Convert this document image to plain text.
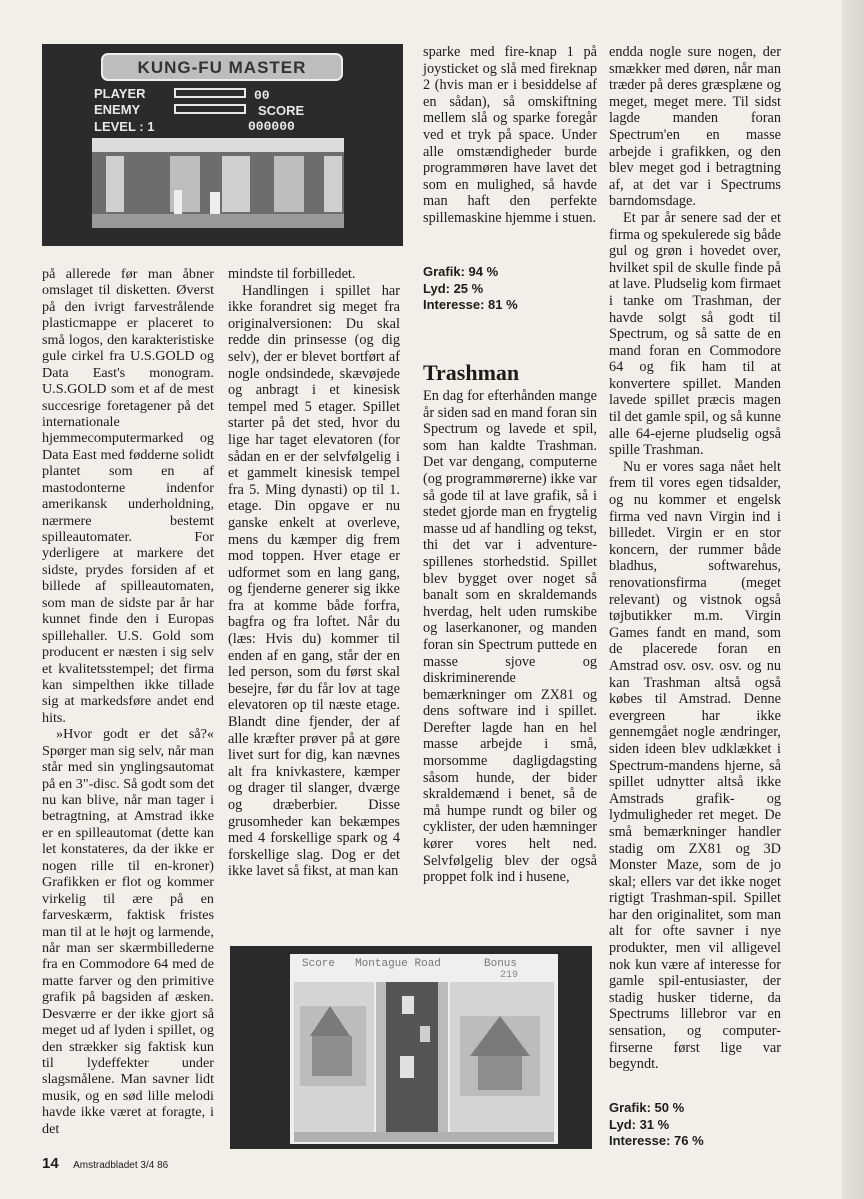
KUNG-FU MASTER
PLAYER	00
ENEMY	SCORE
LEVEL : 1	000000

på allerede før man åbner omslaget til disketten. Øverst på den ivrigt farvestrålende plasticmappe er placeret to små logos, den karakteristiske gule cirkel fra U.S.GOLD og Data East's monogram. U.S.GOLD som et af de mest succesrige foretagener på det internationale hjemmecomputermarked og Data East med fødderne solidt plantet som en af mastodonterne indenfor amerikansk underholdning, nærmere bestemt spilleautomater. For yderligere at markere det sidste, prydes forsiden af et billede af spilleautomaten, som man de sidste par år har kunnet finde den i Europas spillehaller. U.S. Gold som producent er næsten i sig selv et kvalitetsstempel; det firma kan simpelthen ikke tillade sig at markedsføre andet end hits.

»Hvor godt er det så?« Spørger man sig selv, når man står med sin ynglingsautomat på en 3"-disc. Så godt som det nu kan blive, når man tager i betragtning, at Amstrad ikke er en spilleautomat (dette kan let konstateres, da der ikke er nogen rille til en-kroner) Grafikken er flot og kommer virkelig til ære på en farveskærm, faktisk fristes man til at le højt og larmende, når man ser skærmbillederne fra en Commodore 64 med de matte farver og den primitive grafik på bagsiden af æsken. Desværre er der ikke gjort så meget ud af lyden i spillet, og den strækker sig faktisk kun til lydeffekter under slagsmålene. Man savner lidt musik, og en sød lille melodi havde ikke været at foragte, i det

mindste til forbilledet.

Handlingen i spillet har ikke forandret sig meget fra originalversionen: Du skal redde din prinsesse (og dig selv), der er blevet bortført af nogle ondsindede, skævøjede og anbragt i et kinesisk tempel med 5 etager. Spillet starter på det sted, hvor du lige har taget elevatoren (for sådan en er der selvfølgelig i et gammelt kinesisk tempel fra 5. Ming dynasti) op til 1. etage. Din opgave er nu ganske enkelt at overleve, mens du kæmper dig frem mod toppen. Hver etage er udformet som en lang gang, og fjenderne generer sig ikke fra at komme både forfra, bagfra og fra loftet. Når du (læs: Hvis du) kommer til enden af en gang, står der en led person, som du først skal besejre, før du får lov at tage elevatoren op til næste etage. Blandt dine fjender, der af alle kræfter prøver på at gøre livet surt for dig, kan nævnes alt fra knivkastere, kæmper og drager til slanger, dværge og dræberbier. Disse grusomheder kan bekæmpes med 4 forskellige spark og 4 forskellige slag. Dog er det ikke lavet så fikst, at man kan

sparke med fire-knap 1 på joysticket og slå med fireknap 2 (hvis man er i besiddelse af en sådan), så omskiftning mellem slå og sparke foregår ved et tryk på space. Under alle omstændigheder burde programmøren have lavet det som en mulighed, så havde man haft den perfekte spillemaskine hjemme i stuen.

Grafik: 94 %
Lyd: 25 %
Interesse: 81 %
Trashman

En dag for efterhånden mange år siden sad en mand foran sin Spectrum og lavede et spil, som han kaldte Trashman. Det var dengang, computerne (og programmørerne) ikke var så gode til at lave grafik, så i stedet gjorde man en frygtelig masse ud af handling og tekst, thi det var i adventure-spillenes storhedstid. Spillet blev bygget over noget så banalt som en skraldemands hverdag, helt uden rumskibe og laserkanoner, og manden foran sin Spectrum puttede en masse sjove og diskriminerende bemærkninger om ZX81 og dens software ind i spillet. Derefter lagde han en hel masse arbejde i små, morsomme dagligdagsting såsom hunde, der bider skraldemænd i benet, så de må humpe rundt og biler og cyklister, der uden hæmninger kører vores helt ned. Selvfølgelig blev der også proppet folk ind i husene,

Score Montague Road	Bonus
219

endda nogle sure nogen, der smækker med døren, når man træder på deres græsplæne og meget, meget mere. Til sidst lagde manden foran Spectrum'en en masse arbejde i grafikken, og den blev meget god i betragtning af, at det var i Spectrums barndomsdage.

Et par år senere sad der et firma og spekulerede sig både gul og grøn i hovedet over, hvilket spil de skulle finde på at lave. Pludselig kom firmaet i tanke om Trashman, der havde solgt så godt til Spectrum, og så satte de en mand foran en Commodore 64 og fik ham til at konvertere spillet. Manden lavede spillet præcis magen til det gamle spil, og så kunne alle 64-ejerne pludselig også spille Trashman.

Nu er vores saga nået helt frem til vores egen tidsalder, og nu kommer et engelsk firma ved navn Virgin ind i billedet. Virgin er en stor koncern, der rummer både bladhus, softwarehus, renovationsfirma (meget relevant) og vistnok også tøjbutikker m.m. Virgin Games fandt en mand, som de placerede foran en Amstrad osv. osv. osv. og nu kan Trashman altså også købes til Amstrad. Denne evergreen har ikke gennemgået nogle ændringer, siden ideen blev udklækket i Spectrum-mandens hjerne, så spillet udnytter altså ikke Amstrads grafik- og lydmuligheder ret meget. De små bemærkninger handler stadig om ZX81 og 3D Monster Maze, som de jo skal; ellers var det ikke noget rigtigt Trashman-spil. Spillet har den originalitet, som man alt for ofte savner i nye produkter, men vil alligevel nok kun være af interesse for gamle spil-entusiaster, der stadig husker tiderne, da Spectrums lillebror var en sensation, og computer-firserne først lige var begyndt.

Grafik: 50 %
Lyd: 31 %
Interesse: 76 %
14 Amstradbladet 3/4 86
